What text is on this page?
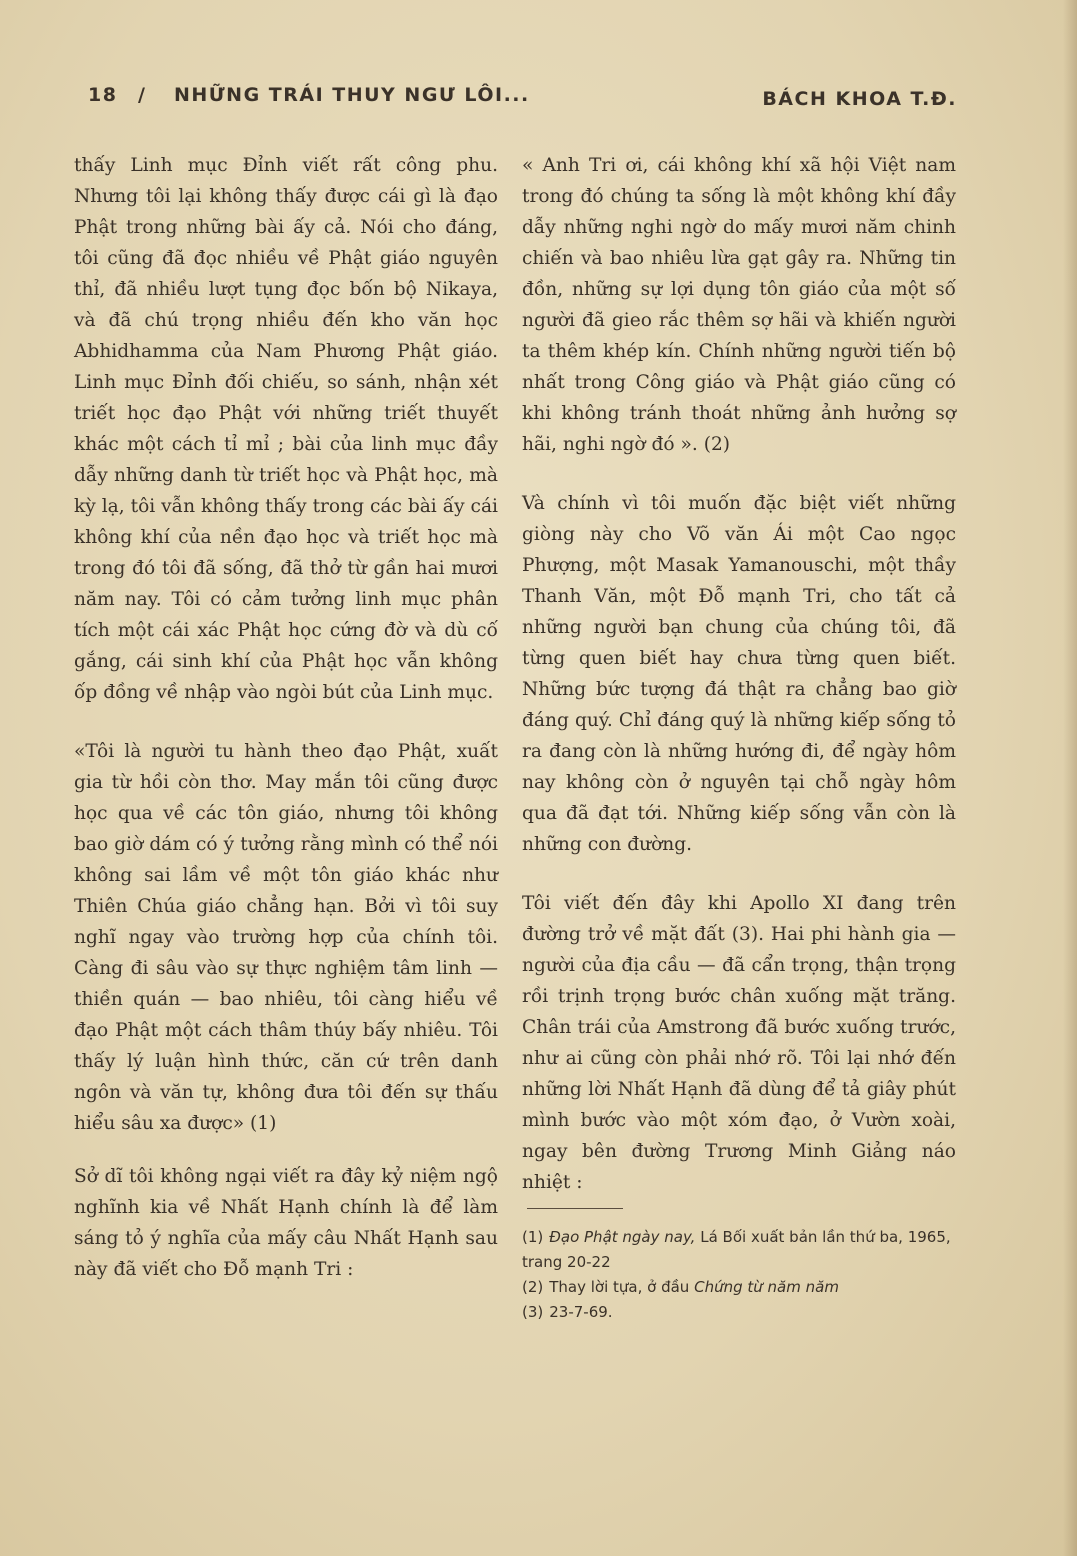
18 / NHỮNG TRÁI THUY NGƯ LÔI...	BÁCH KHOA T.Đ.

thấy Linh mục Đỉnh viết rất công phu. Nhưng tôi lại không thấy được cái gì là đạo Phật trong những bài ấy cả. Nói cho đáng, tôi cũng đã đọc nhiều về Phật giáo nguyên thỉ, đã nhiều lượt tụng đọc bốn bộ Nikaya, và đã chú trọng nhiều đến kho văn học Abhidhamma của Nam Phương Phật giáo. Linh mục Đỉnh đối chiếu, so sánh, nhận xét triết học đạo Phật với những triết thuyết khác một cách tỉ mỉ ; bài của linh mục đầy dẫy những danh từ triết học và Phật học, mà kỳ lạ, tôi vẫn không thấy trong các bài ấy cái không khí của nền đạo học và triết học mà trong đó tôi đã sống, đã thở từ gần hai mươi năm nay. Tôi có cảm tưởng linh mục phân tích một cái xác Phật học cứng đờ và dù cố gắng, cái sinh khí của Phật học vẫn không ốp đồng về nhập vào ngòi bút của Linh mục.

«Tôi là người tu hành theo đạo Phật, xuất gia từ hồi còn thơ. May mắn tôi cũng được học qua về các tôn giáo, nhưng tôi không bao giờ dám có ý tưởng rằng mình có thể nói không sai lầm về một tôn giáo khác như Thiên Chúa giáo chẳng hạn. Bởi vì tôi suy nghĩ ngay vào trường hợp của chính tôi. Càng đi sâu vào sự thực nghiệm tâm linh — thiền quán — bao nhiêu, tôi càng hiểu về đạo Phật một cách thâm thúy bấy nhiêu. Tôi thấy lý luận hình thức, căn cứ trên danh ngôn và văn tự, không đưa tôi đến sự thấu hiểu sâu xa được» (1)

Sở dĩ tôi không ngại viết ra đây kỷ niệm ngộ nghĩnh kia về Nhất Hạnh chính là để làm sáng tỏ ý nghĩa của mấy câu Nhất Hạnh sau này đã viết cho Đỗ mạnh Tri :

« Anh Tri ơi, cái không khí xã hội Việt nam trong đó chúng ta sống là một không khí đầy dẫy những nghi ngờ do mấy mươi năm chinh chiến và bao nhiêu lừa gạt gây ra. Những tin đồn, những sự lợi dụng tôn giáo của một số người đã gieo rắc thêm sợ hãi và khiến người ta thêm khép kín. Chính những người tiến bộ nhất trong Công giáo và Phật giáo cũng có khi không tránh thoát những ảnh hưởng sợ hãi, nghi ngờ đó ». (2)

Và chính vì tôi muốn đặc biệt viết những giòng này cho Võ văn Ái một Cao ngọc Phượng, một Masak Yamanouschi, một thầy Thanh Văn, một Đỗ mạnh Tri, cho tất cả những người bạn chung của chúng tôi, đã từng quen biết hay chưa từng quen biết. Những bức tượng đá thật ra chẳng bao giờ đáng quý. Chỉ đáng quý là những kiếp sống tỏ ra đang còn là những hướng đi, để ngày hôm nay không còn ở nguyên tại chỗ ngày hôm qua đã đạt tới. Những kiếp sống vẫn còn là những con đường.

Tôi viết đến đây khi Apollo XI đang trên đường trở về mặt đất (3). Hai phi hành gia — người của địa cầu — đã cẩn trọng, thận trọng rồi trịnh trọng bước chân xuống mặt trăng. Chân trái của Amstrong đã bước xuống trước, như ai cũng còn phải nhớ rõ. Tôi lại nhớ đến những lời Nhất Hạnh đã dùng để tả giây phút mình bước vào một xóm đạo, ở Vườn xoài, ngay bên đường Trương Minh Giảng náo nhiệt :

(1) Đạo Phật ngày nay, Lá Bối xuất bản lần thứ ba, 1965, trang 20-22

(2) Thay lời tựa, ở đầu Chứng từ năm năm

(3) 23-7-69.
